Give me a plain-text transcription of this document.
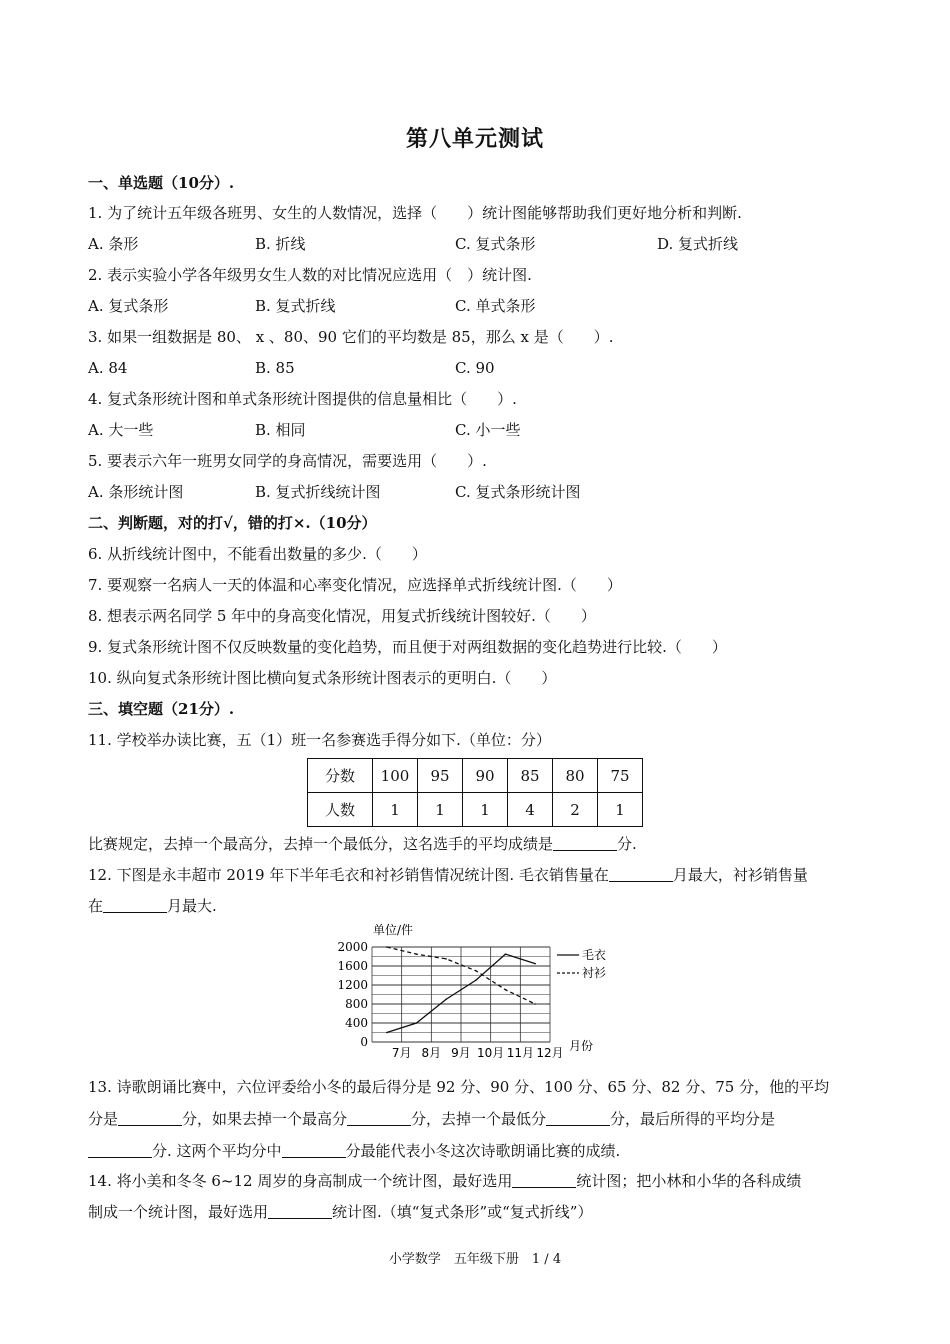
第八单元测试
一、单选题（10分）.
1. 为了统计五年级各班男、女生的人数情况，选择（　　）统计图能够帮助我们更好地分析和判断.
A. 条形	B. 折线	C. 复式条形	D. 复式折线
2. 表示实验小学各年级男女生人数的对比情况应选用（　）统计图.
A. 复式条形	B. 复式折线	C. 单式条形
3. 如果一组数据是 80、 x 、80、90 它们的平均数是 85，那么 x 是（　　）.
A. 84	B. 85	C. 90
4. 复式条形统计图和单式条形统计图提供的信息量相比（　　）.
A. 大一些	B. 相同	C. 小一些
5. 要表示六年一班男女同学的身高情况，需要选用（　　）.
A. 条形统计图	B. 复式折线统计图	C. 复式条形统计图
二、判断题，对的打√，错的打×.（10分）
6. 从折线统计图中，不能看出数量的多少.（　　）
7. 要观察一名病人一天的体温和心率变化情况，应选择单式折线统计图.（　　）
8. 想表示两名同学 5 年中的身高变化情况，用复式折线统计图较好.（　　）
9. 复式条形统计图不仅反映数量的变化趋势，而且便于对两组数据的变化趋势进行比较.（　　）
10. 纵向复式条形统计图比横向复式条形统计图表示的更明白.（　　）
三、填空题（21分）.
11. 学校举办读比赛，五（1）班一名参赛选手得分如下.（单位：分）
分数	100	95	90	85	80	75
人数	1	1	1	4	2	1
比赛规定，去掉一个最高分，去掉一个最低分，这名选手的平均成绩是	分.
12. 下图是永丰超市 2019 年下半年毛衣和衬衫销售情况统计图. 毛衣销售量在	月最大，衬衫销售量
在	月最大.
单位/件
0
400
800
1200
1600
2000
7月 8月 9月 10月 11月 12月 月份
毛衣
衬衫
13. 诗歌朗诵比赛中，六位评委给小冬的最后得分是 92 分、90 分、100 分、65 分、82 分、75 分，他的平均
分是	分，如果去掉一个最高分	分，去掉一个最低分	分，最后所得的平均分是
分. 这两个平均分中	分最能代表小冬这次诗歌朗诵比赛的成绩.
14. 将小美和冬冬 6~12 周岁的身高制成一个统计图，最好选用	统计图；把小林和小华的各科成绩
制成一个统计图，最好选用	统计图.（填“复式条形”或“复式折线”）
小学数学　五年级下册　1 / 4
